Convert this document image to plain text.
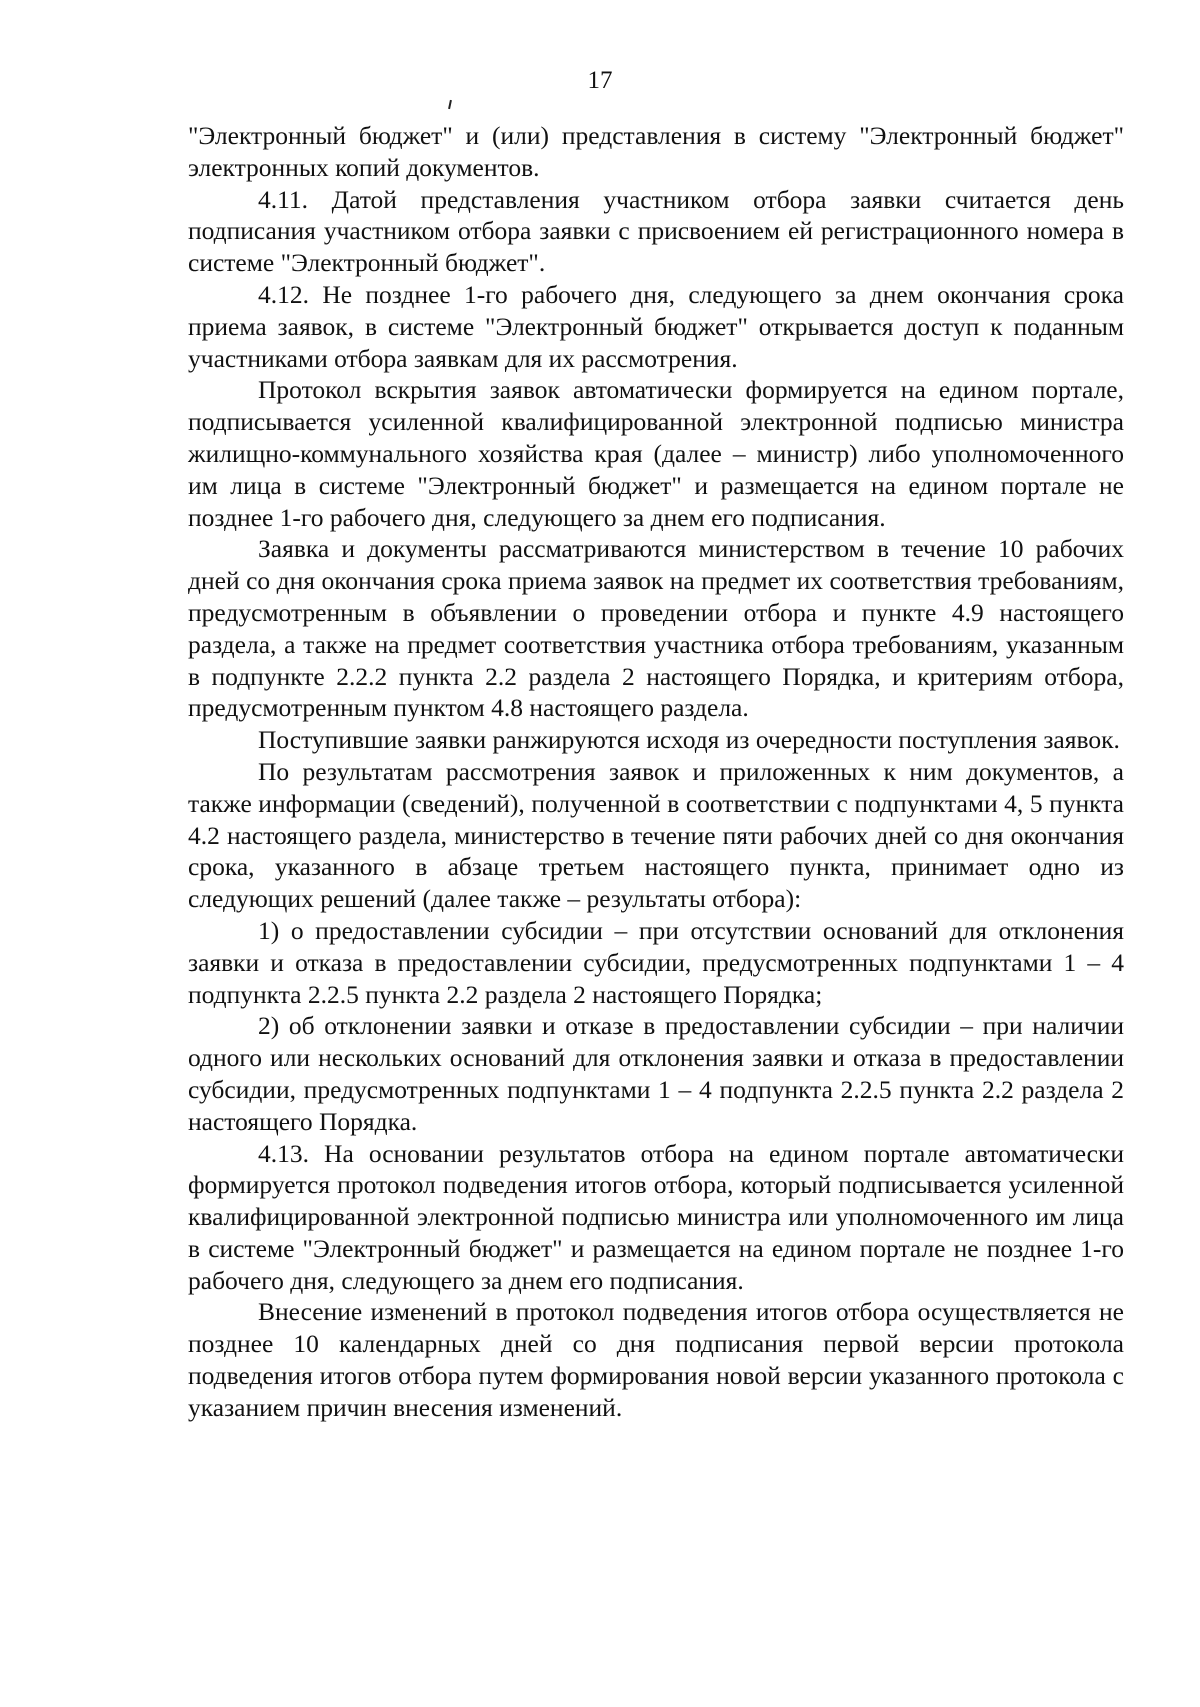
17

"Электронный бюджет" и (или) представления в систему "Электронный бюджет" электронных копий документов.

4.11. Датой представления участником отбора заявки считается день подписания участником отбора заявки с присвоением ей регистрационного номера в системе "Электронный бюджет".

4.12. Не позднее 1-го рабочего дня, следующего за днем окончания срока приема заявок, в системе "Электронный бюджет" открывается доступ к поданным участниками отбора заявкам для их рассмотрения.

Протокол вскрытия заявок автоматически формируется на едином портале, подписывается усиленной квалифицированной электронной подписью министра жилищно-коммунального хозяйства края (далее – министр) либо уполномоченного им лица в системе "Электронный бюджет" и размещается на едином портале не позднее 1-го рабочего дня, следующего за днем его подписания.

Заявка и документы рассматриваются министерством в течение 10 рабочих дней со дня окончания срока приема заявок на предмет их соответствия требованиям, предусмотренным в объявлении о проведении отбора и пункте 4.9 настоящего раздела, а также на предмет соответствия участника отбора требованиям, указанным в подпункте 2.2.2 пункта 2.2 раздела 2 настоящего Порядка, и критериям отбора, предусмотренным пунктом 4.8 настоящего раздела.

Поступившие заявки ранжируются исходя из очередности поступления заявок.

По результатам рассмотрения заявок и приложенных к ним документов, а также информации (сведений), полученной в соответствии с подпунктами 4, 5 пункта 4.2 настоящего раздела, министерство в течение пяти рабочих дней со дня окончания срока, указанного в абзаце третьем настоящего пункта, принимает одно из следующих решений (далее также – результаты отбора):

1) о предоставлении субсидии – при отсутствии оснований для отклонения заявки и отказа в предоставлении субсидии, предусмотренных подпунктами 1 – 4 подпункта 2.2.5 пункта 2.2 раздела 2 настоящего Порядка;

2) об отклонении заявки и отказе в предоставлении субсидии – при наличии одного или нескольких оснований для отклонения заявки и отказа в предоставлении субсидии, предусмотренных подпунктами 1 – 4 подпункта 2.2.5 пункта 2.2 раздела 2 настоящего Порядка.

4.13. На основании результатов отбора на едином портале автоматически формируется протокол подведения итогов отбора, который подписывается усиленной квалифицированной электронной подписью министра или уполномоченного им лица в системе "Электронный бюджет" и размещается на едином портале не позднее 1-го рабочего дня, следующего за днем его подписания.

Внесение изменений в протокол подведения итогов отбора осуществляется не позднее 10 календарных дней со дня подписания первой версии протокола подведения итогов отбора путем формирования новой версии указанного протокола с указанием причин внесения изменений.
